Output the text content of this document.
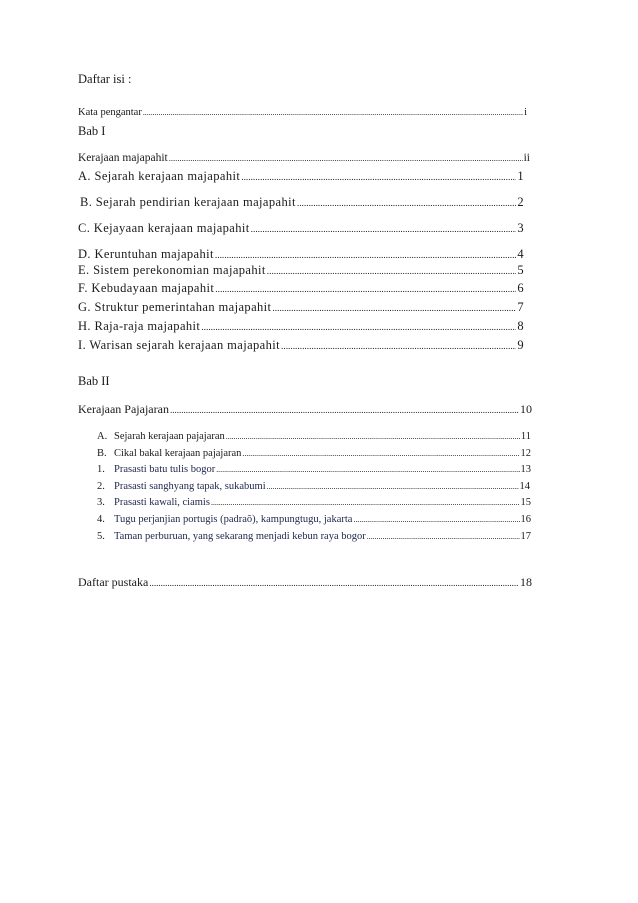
Daftar isi :
Kata pengantar .....	i
Bab I
Kerajaan majapahit .....	ii
A. Sejarah kerajaan majapahit .....	1
B. Sejarah pendirian kerajaan majapahit .....	2
C. Kejayaan kerajaan majapahit .....	3
D. Keruntuhan majapahit .....	4
E. Sistem perekonomian majapahit .....	5
F. Kebudayaan majapahit .....	6
G. Struktur pemerintahan majapahit .....	7
H. Raja-raja majapahit .....	8
I. Warisan sejarah kerajaan majapahit .....	9
Bab II
Kerajaan Pajajaran .....	10
A. Sejarah kerajaan pajajaran .....	11
B. Cikal bakal kerajaan pajajaran .....	12
1. Prasasti batu tulis bogor .....	13
2. Prasasti sanghyang tapak, sukabumi .....	14
3. Prasasti kawali, ciamis .....	15
4. Tugu perjanjian portugis (padraõ), kampungtugu, jakarta .....	16
5. Taman perburuan, yang sekarang menjadi kebun raya bogor .....	17
Daftar pustaka .....	18
